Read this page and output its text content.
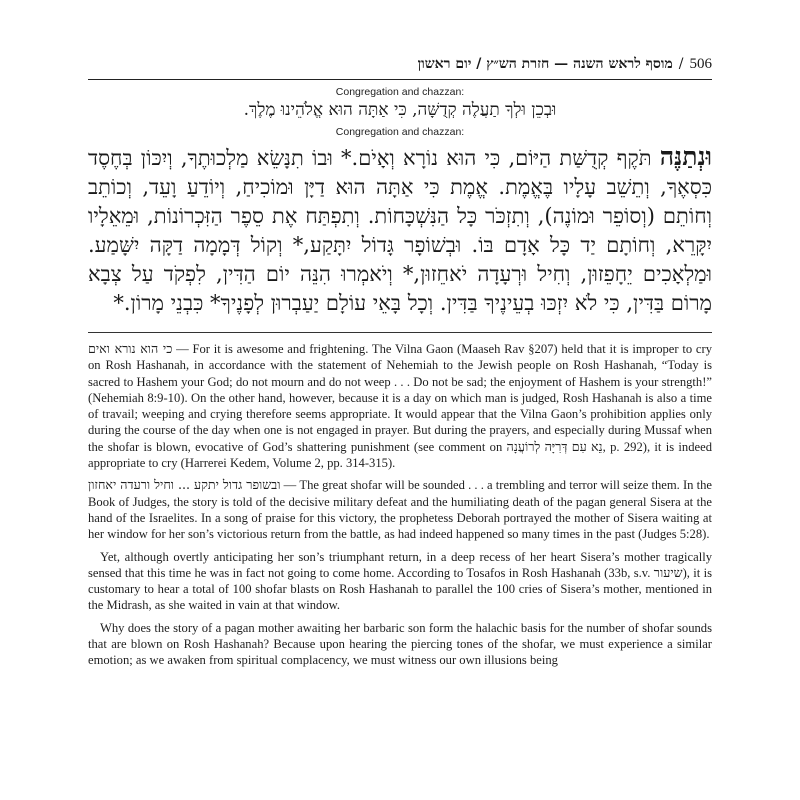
מוסף לראש השנה — חזרת הש״ץ / יום ראשון / 506
Congregation and chazzan:
וּבְכֵן וּלְךָ תַעֲלֶה קְדֻשָּׁה, כִּי אַתָּה הוּא אֱלֹהֵינוּ מֶלֶךְ.
Congregation and chazzan:
וּנְתַנֶּה תֹּקֶף קְדֻשַּׁת הַיּוֹם, כִּי הוּא נוֹרָא וְאָיֹם.* וּבוֹ תִנָּשֵׂא מַלְכוּתֶךָ, וְיִכּוֹן בְּחֶסֶד כִּסְאֶךָ, וְתֵשֵׁב עָלָיו בֶּאֱמֶת. אֱמֶת כִּי אַתָּה הוּא דַיָּן וּמוֹכִיחַ, וְיוֹדֵעַ וָעֵד, וְכוֹתֵב וְחוֹתֵם (וְסוֹפֵר וּמוֹנֶה), וְתִזְכֹּר כָּל הַנִּשְׁכָּחוֹת. וְתִפְתַּח אֶת סֵפֶר הַזִּכְרוֹנוֹת, וּמֵאֵלָיו יִקָּרֵא, וְחוֹתָם יַד כָּל אָדָם בּוֹ. וּבְשׁוֹפָר גָּדוֹל יִתָּקַע,* וְקוֹל דְּמָמָה דַקָּה יִשָּׁמַע. וּמַלְאָכִים יֵחָפֵזוּן, וְחִיל וּרְעָדָה יֹאחֵזוּן,* וְיֹאמְרוּ הִנֵּה יוֹם הַדִּין, לִפְקֹד עַל צְבָא מָרוֹם בַּדִּין, כִּי לֹא יִזְכּוּ בְעֵינֶיךָ בַּדִּין. וְכָל בָּאֵי עוֹלָם יַעַבְרוּן לְפָנֶיךָ* כִּבְנֵי מָרוֹן.*

כי הוא נורא ואים — For it is awesome and frightening. The Vilna Gaon (Maaseh Rav §207) held that it is improper to cry on Rosh Hashanah, in accordance with the statement of Nehemiah to the Jewish people on Rosh Hashanah, “Today is sacred to Hashem your God; do not mourn and do not weep . . . Do not be sad; the enjoyment of Hashem is your strength!” (Nehemiah 8:9-10). On the other hand, however, because it is a day on which man is judged, Rosh Hashanah is also a time of travail; weeping and crying therefore seems appropriate. It would appear that the Vilna Gaon’s prohibition applies only during the course of the day when one is not engaged in prayer. But during the prayers, and especially during Mussaf when the shofar is blown, evocative of God’s shattering punishment (see comment on נֵא עִם דְּרִיָּה לְרוֹעֲנָה, p. 292), it is indeed appropriate to cry (Harrerei Kedem, Volume 2, pp. 314-315).

ובשופר גדול יתקע ... וחיל ורעדה יאחזון — The great shofar will be sounded . . . a trembling and terror will seize them. In the Book of Judges, the story is told of the decisive military defeat and the humiliating death of the pagan general Sisera at the hand of the Israelites. In a song of praise for this victory, the prophetess Deborah portrayed the mother of Sisera waiting at her window for her son’s victorious return from the battle, as had indeed happened so many times in the past (Judges 5:28).

Yet, although overtly anticipating her son’s triumphant return, in a deep recess of her heart Sisera’s mother tragically sensed that this time he was in fact not going to come home. According to Tosafos in Rosh Hashanah (33b, s.v. שיעור), it is customary to hear a total of 100 shofar blasts on Rosh Hashanah to parallel the 100 cries of Sisera’s mother, mentioned in the Midrash, as she waited in vain at that window.

Why does the story of a pagan mother awaiting her barbaric son form the halachic basis for the number of shofar sounds that are blown on Rosh Hashanah? Because upon hearing the piercing tones of the shofar, we must experience a similar emotion; as we awaken from spiritual complacency, we must witness our own illusions being
